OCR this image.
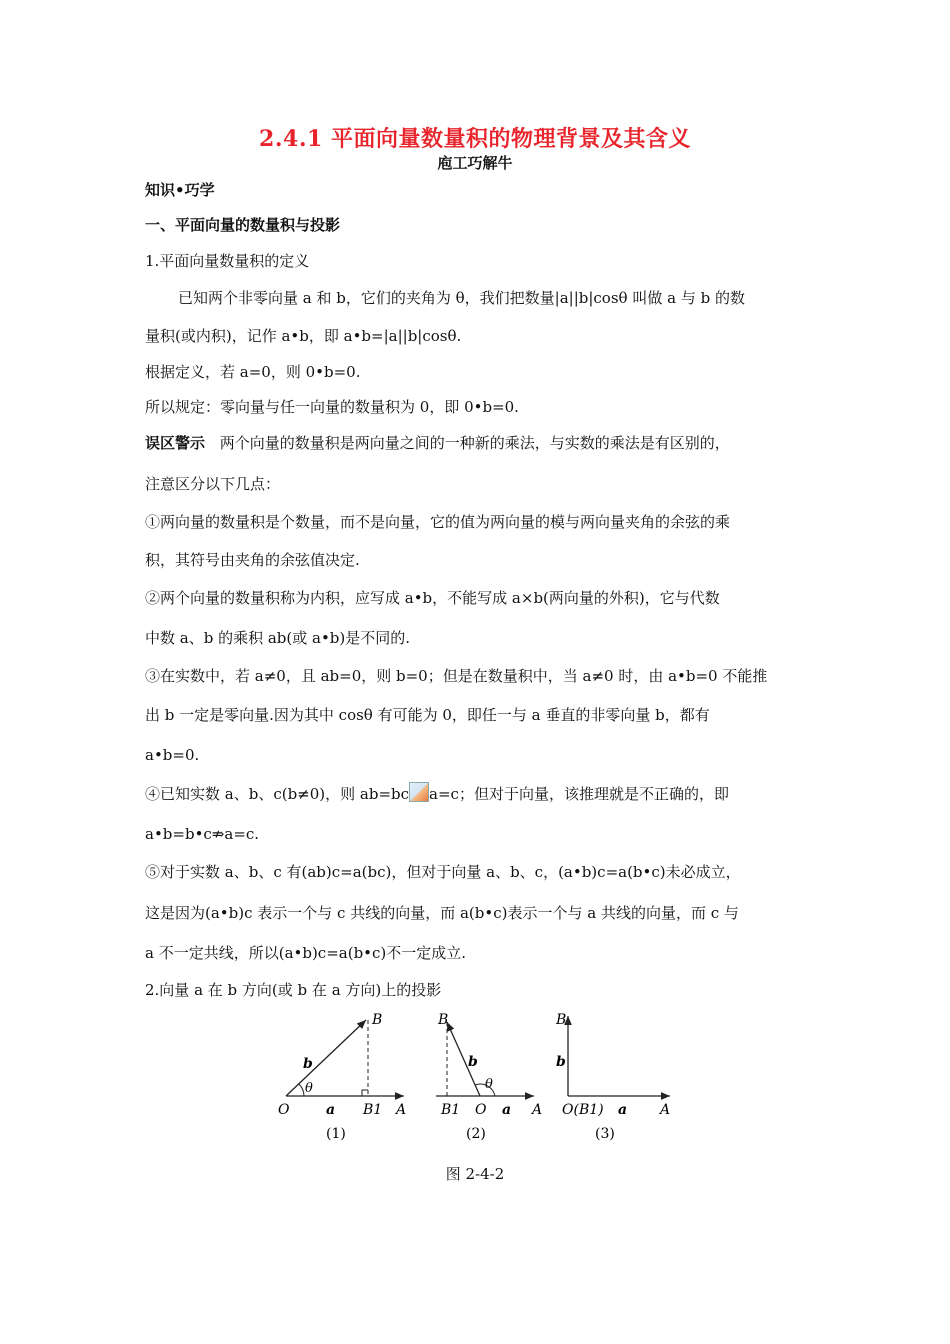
2.4.1 平面向量数量积的物理背景及其含义
庖工巧解牛
知识•巧学
一、平面向量的数量积与投影
1.平面向量数量积的定义
已知两个非零向量 a 和 b，它们的夹角为 θ，我们把数量|a||b|cosθ 叫做 a 与 b 的数
量积(或内积)，记作 a•b，即 a•b=|a||b|cosθ.
根据定义，若 a=0，则 0•b=0.
所以规定：零向量与任一向量的数量积为 0，即 0•b=0.
误区警示 两个向量的数量积是两向量之间的一种新的乘法，与实数的乘法是有区别的，
注意区分以下几点：
①两向量的数量积是个数量，而不是向量，它的值为两向量的模与两向量夹角的余弦的乘
积，其符号由夹角的余弦值决定.
②两个向量的数量积称为内积，应写成 a•b，不能写成 a×b(两向量的外积)，它与代数
中数 a、b 的乘积 ab(或 a•b)是不同的.
③在实数中，若 a≠0，且 ab=0，则 b=0；但是在数量积中，当 a≠0 时，由 a•b=0 不能推
出 b 一定是零向量.因为其中 cosθ 有可能为 0，即任一与 a 垂直的非零向量 b，都有
a•b=0.
④已知实数 a、b、c(b≠0)，则 ab=bc a=c；但对于向量，该推理就是不正确的，即
a•b=b•c⇏a=c.
⑤对于实数 a、b、c 有(ab)c=a(bc)，但对于向量 a、b、c，(a•b)c=a(b•c)未必成立，
这是因为(a•b)c 表示一个与 c 共线的向量，而 a(b•c)表示一个与 a 共线的向量，而 c 与
a 不一定共线，所以(a•b)c=a(b•c)不一定成立.
2.向量 a 在 b 方向(或 b 在 a 方向)上的投影
O	a B1 A
B
b
θ
(1)
B
b
θ
B1 O a A
(2)
B
b
O(B1) a A
(3)
图 2-4-2
